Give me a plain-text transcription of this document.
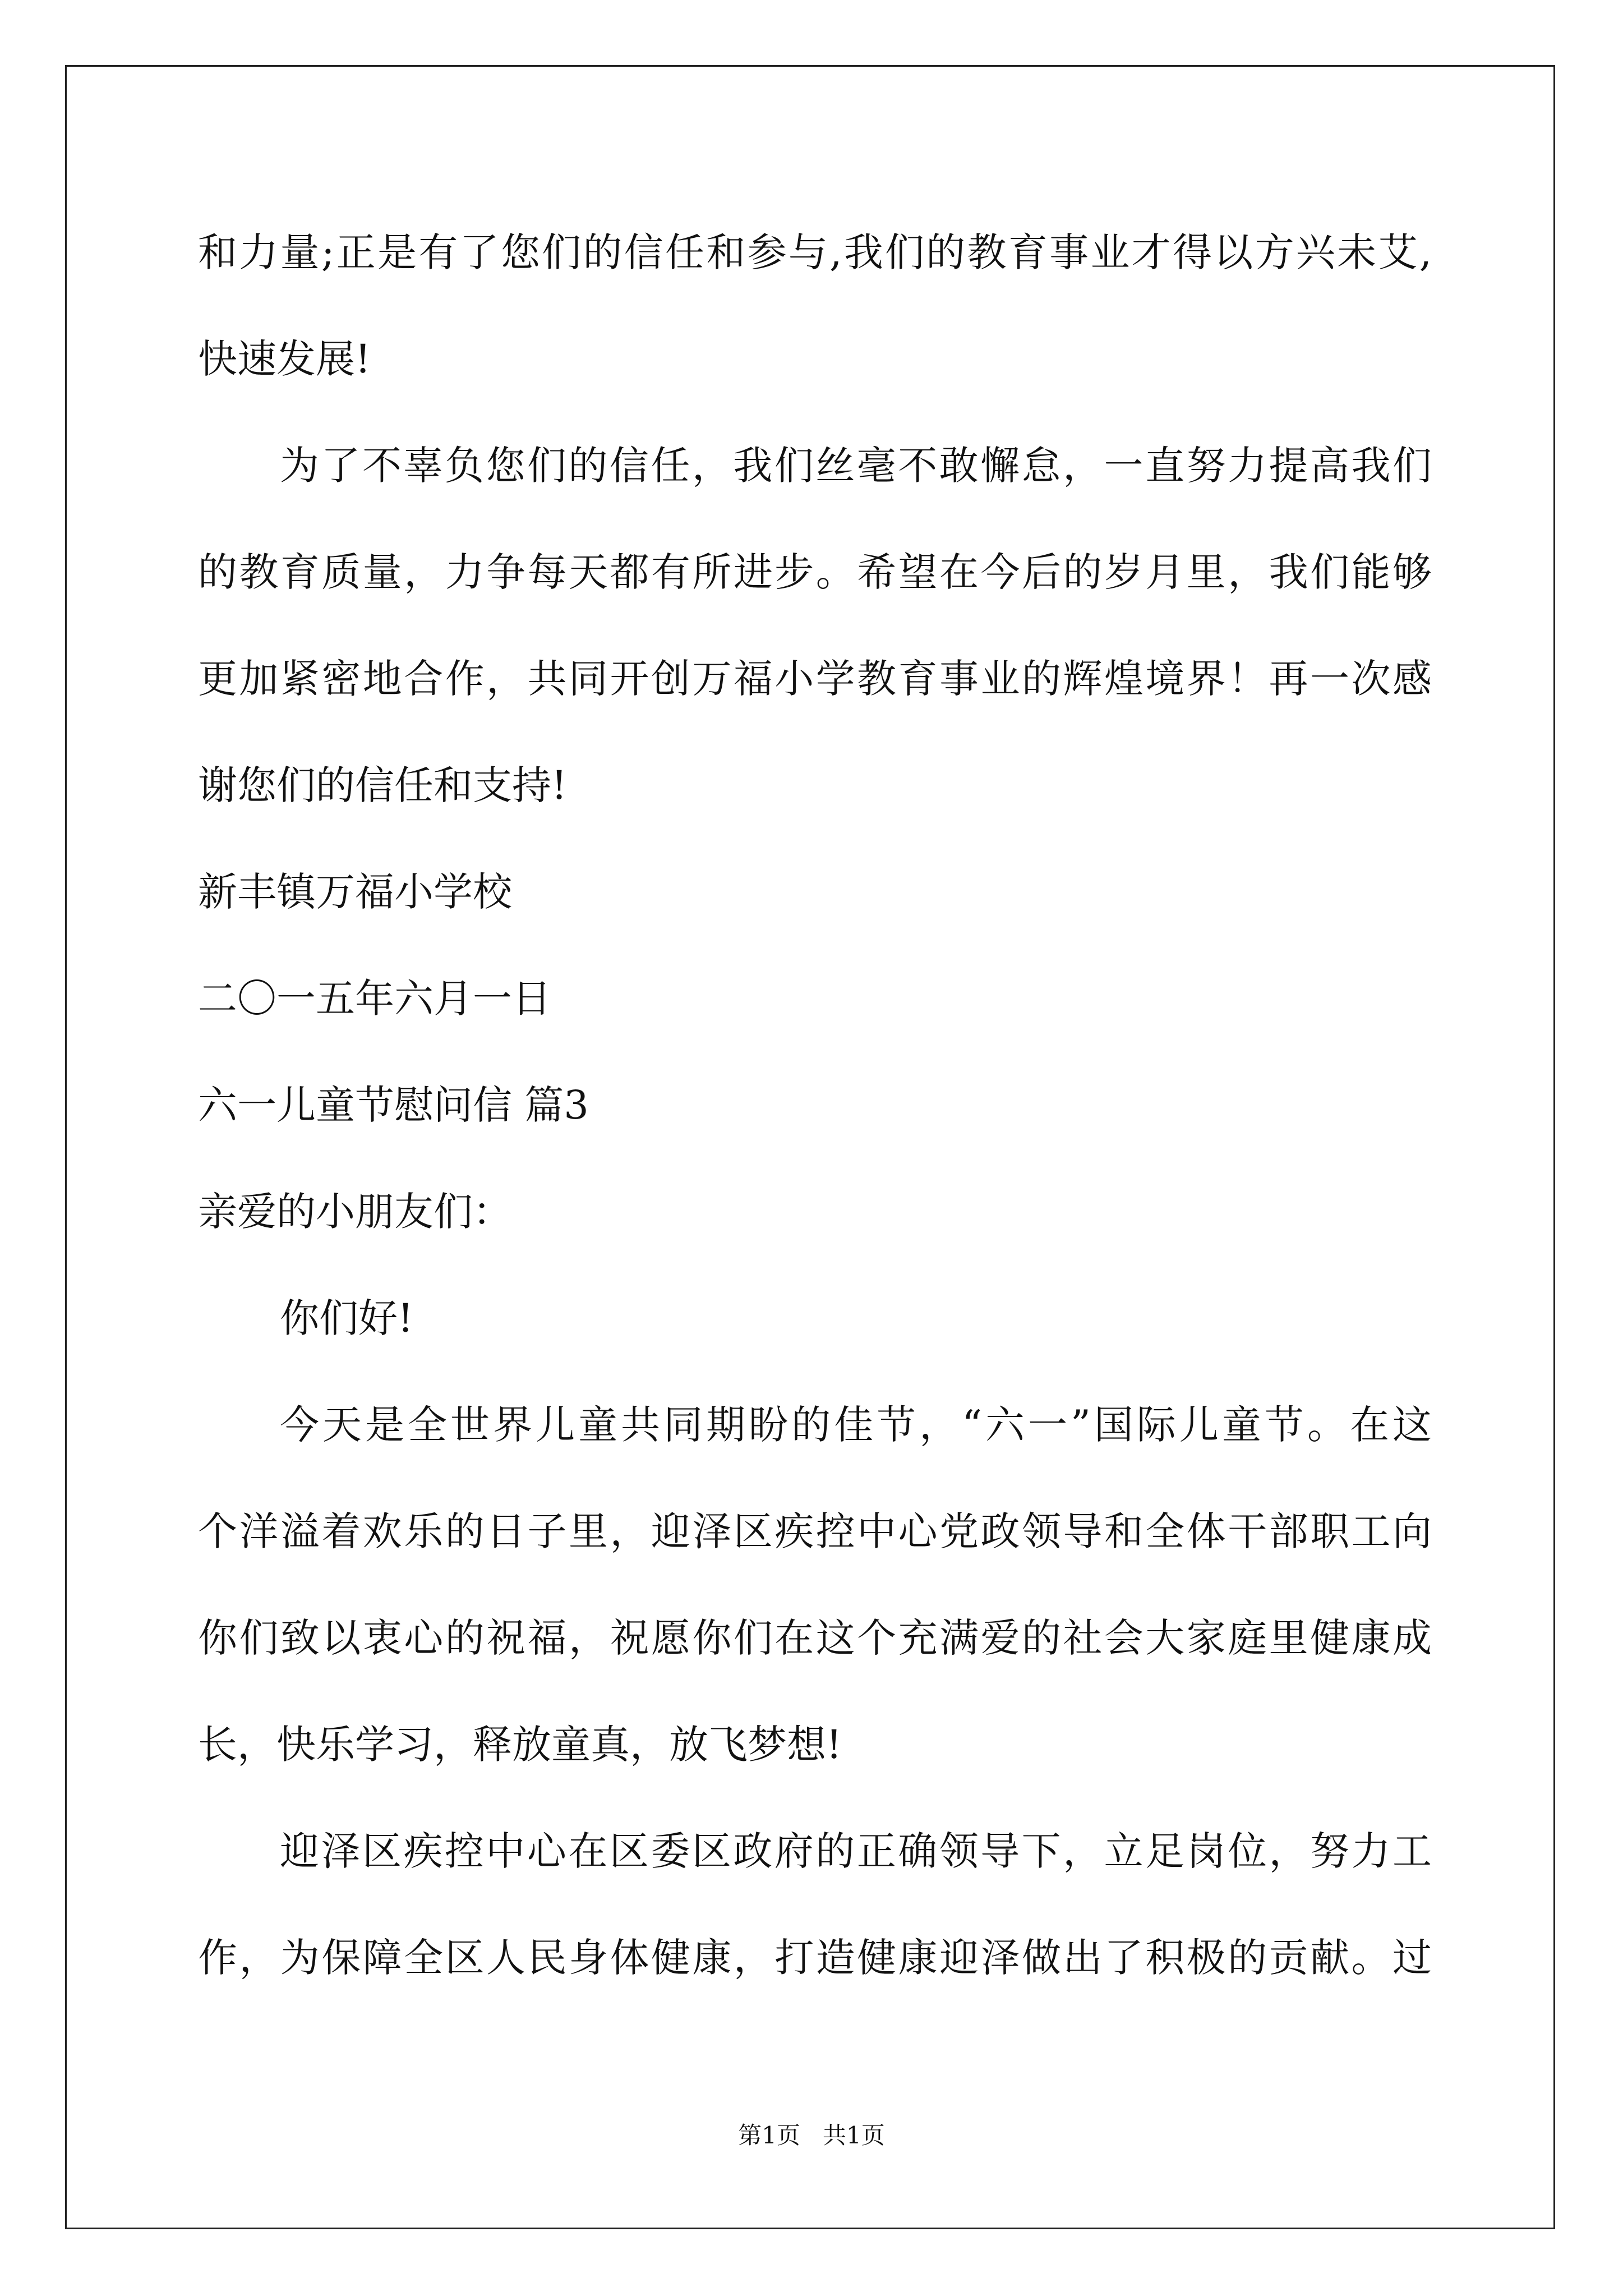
和力量;正是有了您们的信任和参与,我们的教育事业才得以方兴未艾,
快速发展!
为了不辜负您们的信任，我们丝毫不敢懈怠，一直努力提高我们
的教育质量，力争每天都有所进步。希望在今后的岁月里，我们能够
更加紧密地合作，共同开创万福小学教育事业的辉煌境界！再一次感
谢您们的信任和支持!
新丰镇万福小学校
二〇一五年六月一日
六一儿童节慰问信 篇3
亲爱的小朋友们：
你们好!
今天是全世界儿童共同期盼的佳节，“六一”国际儿童节。在这
个洋溢着欢乐的日子里，迎泽区疾控中心党政领导和全体干部职工向
你们致以衷心的祝福，祝愿你们在这个充满爱的社会大家庭里健康成
长，快乐学习，释放童真，放飞梦想!
迎泽区疾控中心在区委区政府的正确领导下，立足岗位，努力工
作，为保障全区人民身体健康，打造健康迎泽做出了积极的贡献。过
第1页 共1页
